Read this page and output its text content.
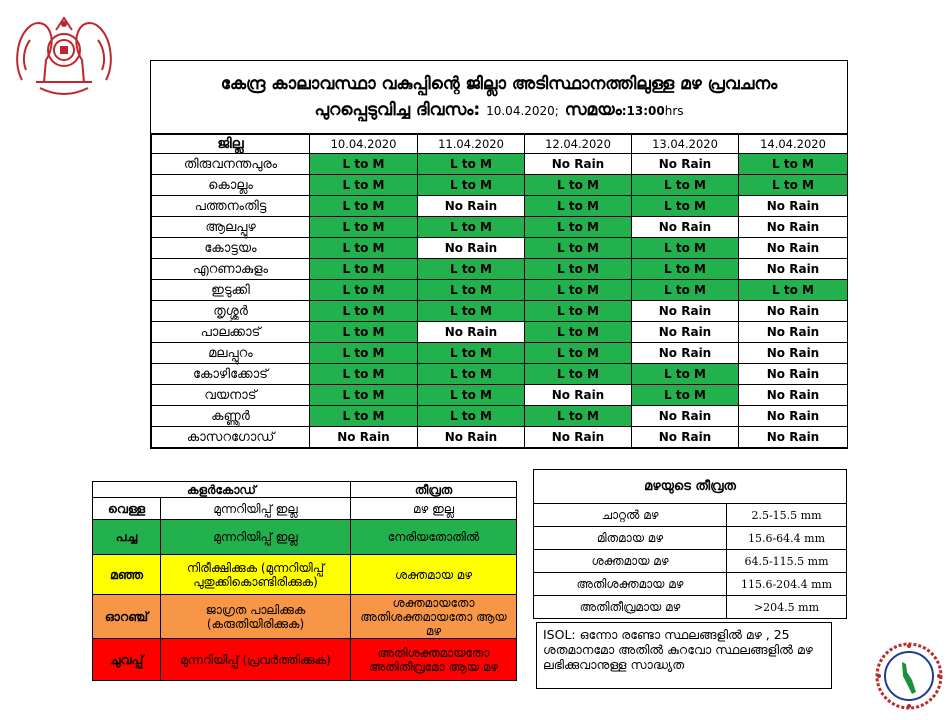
കേന്ദ്ര കാലാവസ്ഥാ വകുപ്പിന്റെ ജില്ലാ അടിസ്ഥാനത്തിലുള്ള മഴ പ്രവചനം
പുറപ്പെടുവിച്ച ദിവസം: 10.04.2020; സമയം:13:00hrs
ജില്ല	10.04.2020	11.04.2020	12.04.2020	13.04.2020	14.04.2020
തിരുവനന്തപുരം	L to M	L to M	No Rain	No Rain	L to M
കൊല്ലം	L to M	L to M	L to M	L to M	L to M
പത്തനംതിട്ട	L to M	No Rain	L to M	L to M	No Rain
ആലപ്പുഴ	L to M	L to M	L to M	No Rain	No Rain
കോട്ടയം	L to M	No Rain	L to M	L to M	No Rain
എറണാകുളം	L to M	L to M	L to M	L to M	No Rain
ഇടുക്കി	L to M	L to M	L to M	L to M	L to M
തൃശ്ശൂർ	L to M	L to M	L to M	No Rain	No Rain
പാലക്കാട്	L to M	No Rain	L to M	No Rain	No Rain
മലപ്പുറം	L to M	L to M	L to M	No Rain	No Rain
കോഴിക്കോട്	L to M	L to M	L to M	L to M	No Rain
വയനാട്	L to M	L to M	No Rain	L to M	No Rain
കണ്ണൂർ	L to M	L to M	L to M	No Rain	No Rain
കാസറഗോഡ്	No Rain	No Rain	No Rain	No Rain	No Rain
കളർകോഡ്		തീവ്രത
വെള്ള	മുന്നറിയിപ്പ് ഇല്ല	മഴ ഇല്ല
പച്ച	മുന്നറിയിപ്പ് ഇല്ല	നേരിയതോതിൽ
മഞ്ഞ	നിരീക്ഷിക്കുക (മുന്നറിയിപ്പ് പുതുക്കികൊണ്ടിരിക്കുക)	ശക്തമായ മഴ
ഓറഞ്ച്	ജാഗ്രത പാലിക്കുക (കരുതിയിരിക്കുക)	ശക്തമായതോ അതിശക്തമായതോ ആയ മഴ
ചുവപ്പ്	മുന്നറിയിപ്പ് (പ്രവർത്തിക്കുക)	അതിശക്തമായതോ അതിതീവ്രമോ ആയ മഴ
മഴയുടെ തീവ്രത	
ചാറ്റൽ മഴ	2.5-15.5 mm
മിതമായ മഴ	15.6-64.4 mm
ശക്തമായ മഴ	64.5-115.5 mm
അതിശക്തമായ മഴ	115.6-204.4 mm
അതിതീവ്രമായ മഴ	>204.5 mm
ISOL: ഒന്നോ രണ്ടോ സ്ഥലങ്ങളിൽ മഴ , 25 ശതമാനമോ അതിൽ കുറവോ സ്ഥലങ്ങളിൽ മഴ ലഭിക്കുവാനുള്ള സാദ്ധ്യത
